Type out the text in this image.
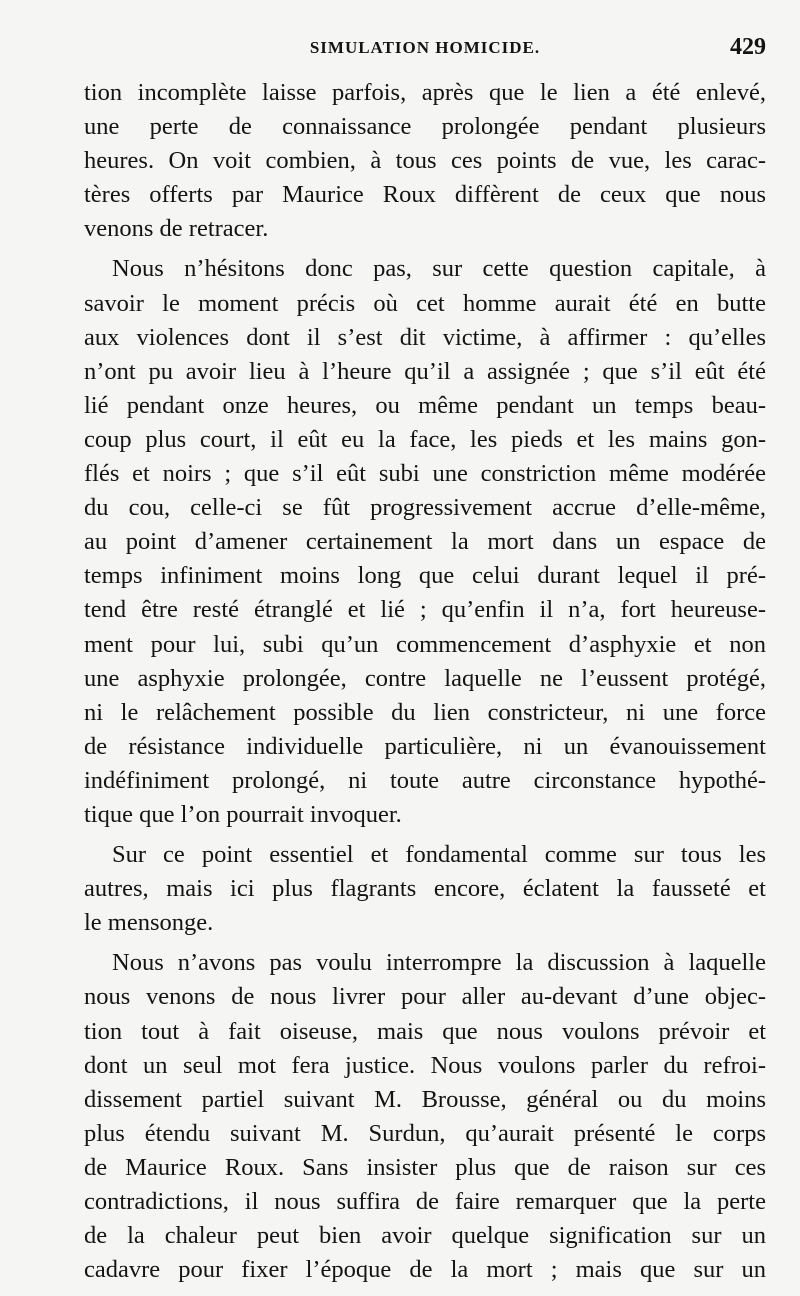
SIMULATION HOMICIDE.	429
tion incomplète laisse parfois, après que le lien a été enlevé,
une perte de connaissance prolongée pendant plusieurs
heures. On voit combien, à tous ces points de vue, les carac-
tères offerts par Maurice Roux diffèrent de ceux que nous
venons de retracer.
Nous n’hésitons donc pas, sur cette question capitale, à
savoir le moment précis où cet homme aurait été en butte
aux violences dont il s’est dit victime, à affirmer : qu’elles
n’ont pu avoir lieu à l’heure qu’il a assignée ; que s’il eût été
lié pendant onze heures, ou même pendant un temps beau-
coup plus court, il eût eu la face, les pieds et les mains gon-
flés et noirs ; que s’il eût subi une constriction même modérée
du cou, celle-ci se fût progressivement accrue d’elle-même,
au point d’amener certainement la mort dans un espace de
temps infiniment moins long que celui durant lequel il pré-
tend être resté étranglé et lié ; qu’enfin il n’a, fort heureuse-
ment pour lui, subi qu’un commencement d’asphyxie et non
une asphyxie prolongée, contre laquelle ne l’eussent protégé,
ni le relâchement possible du lien constricteur, ni une force
de résistance individuelle particulière, ni un évanouissement
indéfiniment prolongé, ni toute autre circonstance hypothé-
tique que l’on pourrait invoquer.
Sur ce point essentiel et fondamental comme sur tous les
autres, mais ici plus flagrants encore, éclatent la fausseté et
le mensonge.
Nous n’avons pas voulu interrompre la discussion à laquelle
nous venons de nous livrer pour aller au-devant d’une objec-
tion tout à fait oiseuse, mais que nous voulons prévoir et
dont un seul mot fera justice. Nous voulons parler du refroi-
dissement partiel suivant M. Brousse, général ou du moins
plus étendu suivant M. Surdun, qu’aurait présenté le corps
de Maurice Roux. Sans insister plus que de raison sur ces
contradictions, il nous suffira de faire remarquer que la perte
de la chaleur peut bien avoir quelque signification sur un
cadavre pour fixer l’époque de la mort ; mais que sur un
